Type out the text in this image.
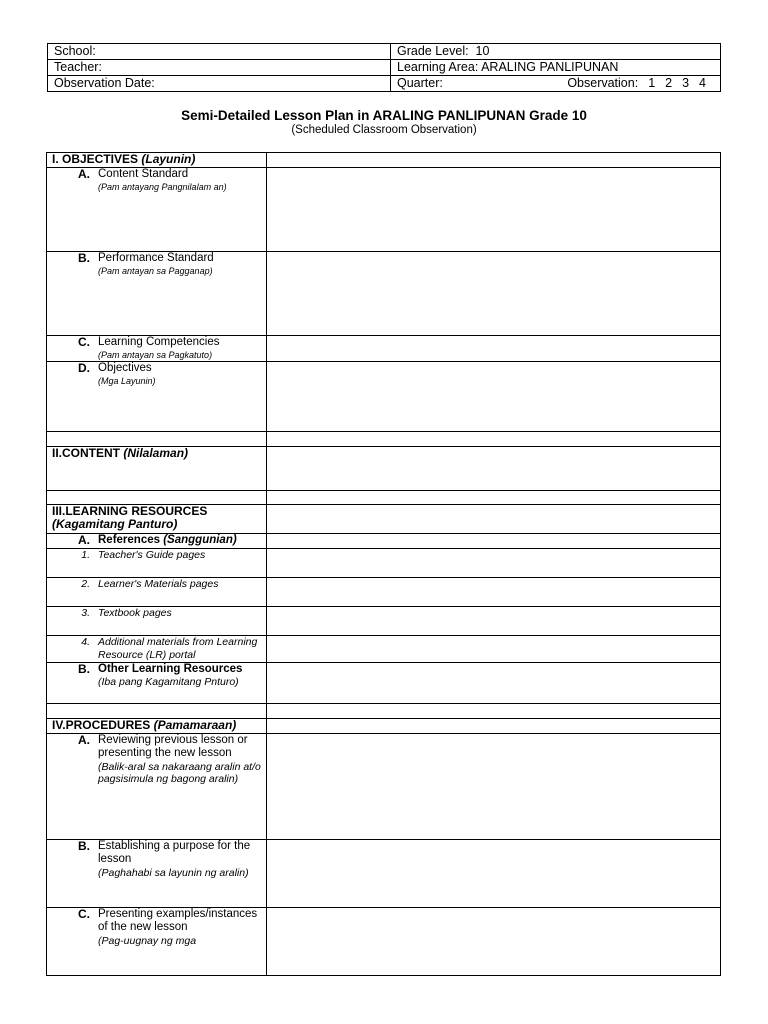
School:	Grade Level: 10
Teacher:	Learning Area: ARALING PANLIPUNAN
Observation Date:	Quarter: Observation: 1 2 3 4
Semi-Detailed Lesson Plan in ARALING PANLIPUNAN Grade 10
(Scheduled Classroom Observation)
I. OBJECTIVES (Layunin)	

A. Content Standard
(Pam antayang Pangnilalam an)	

B. Performance Standard
(Pam antayan sa Pagganap)	

C. Learning Competencies
(Pam antayan sa Pagkatuto)	

D. Objectives
(Mga Layunin)	

II.CONTENT (Nilalaman)	

III.LEARNING RESOURCES
(Kagamitang Panturo)	

A. References (Sanggunian)	

1. Teacher's Guide pages	

2. Learner's Materials pages	

3. Textbook pages	

4. Additional materials from Learning Resource (LR) portal	

B. Other Learning Resources
(Iba pang Kagamitang Pnturo)	

IV.PROCEDURES (Pamamaraan)	

A. Reviewing previous lesson or presenting the new lesson
(Balik-aral sa nakaraang aralin at/o pagsisimula ng bagong aralin)	

B. Establishing a purpose for the lesson
(Paghahabi sa layunin ng aralin)	

C. Presenting examples/instances of the new lesson
(Pag-uugnay ng mga	
